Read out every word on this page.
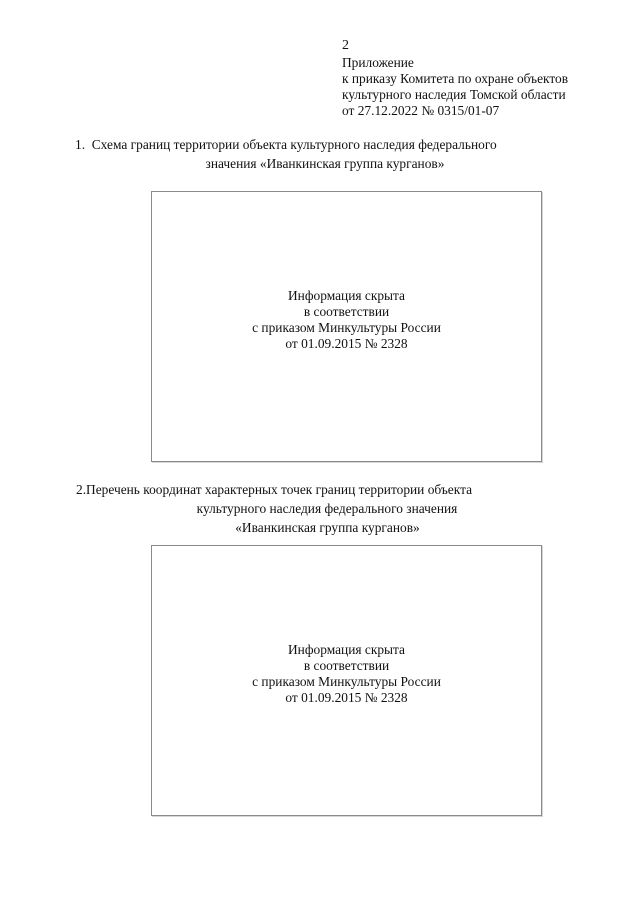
2
Приложение
к приказу Комитета по охране объектов
культурного наследия Томской области
от 27.12.2022 № 0315/01-07
1. Схема границ территории объекта культурного наследия федерального
значения «Иванкинская группа курганов»
Информация скрыта
в соответствии
с приказом Минкультуры России
от 01.09.2015 № 2328
2.Перечень координат характерных точек границ территории объекта
культурного наследия федерального значения
«Иванкинская группа курганов»
Информация скрыта
в соответствии
с приказом Минкультуры России
от 01.09.2015 № 2328
